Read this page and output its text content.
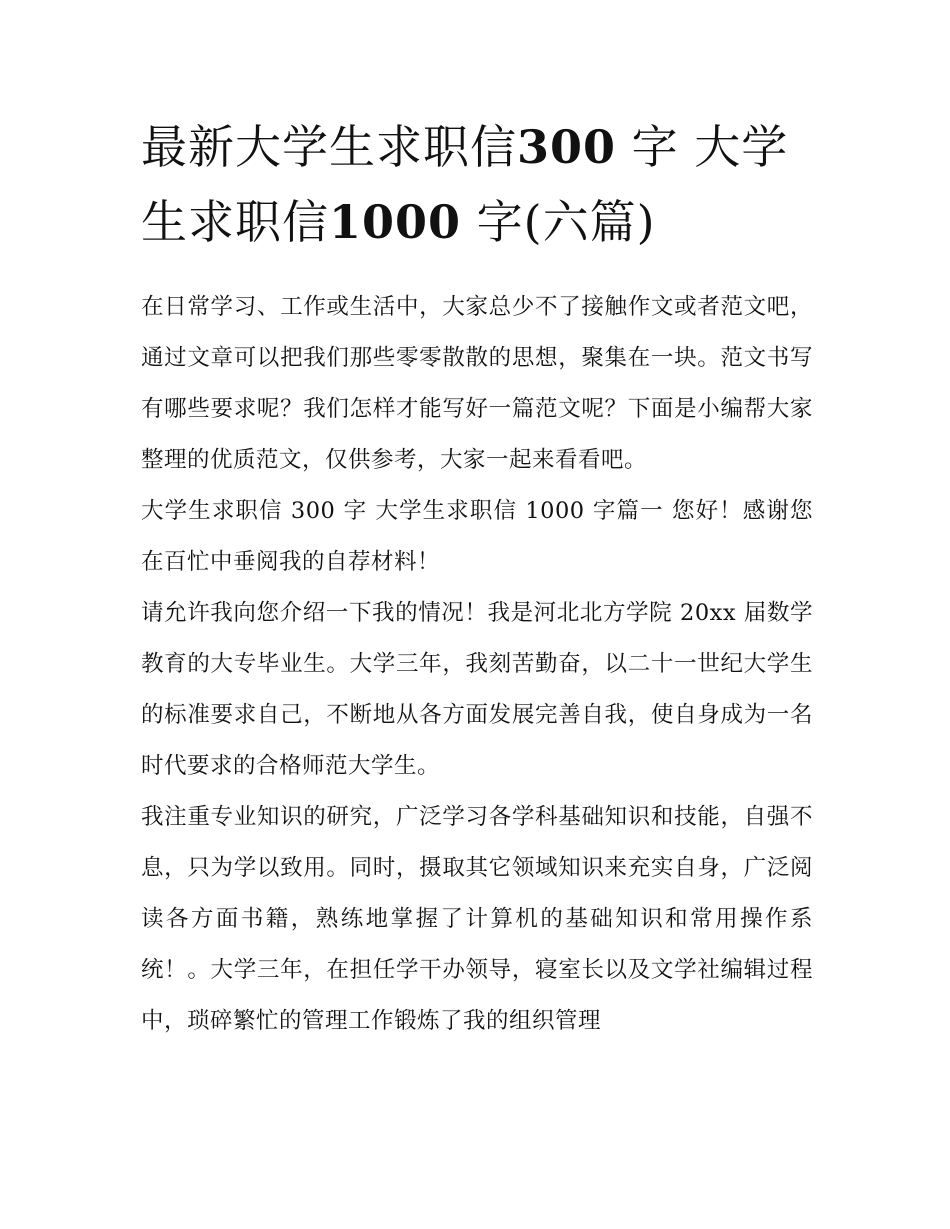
最新大学生求职信300 字 大学生求职信1000 字(六篇)

在日常学习、工作或生活中，大家总少不了接触作文或者范文吧，通过文章可以把我们那些零零散散的思想，聚集在一块。范文书写有哪些要求呢？我们怎样才能写好一篇范文呢？下面是小编帮大家整理的优质范文，仅供参考，大家一起来看看吧。

大学生求职信 300 字 大学生求职信 1000 字篇一 您好！感谢您在百忙中垂阅我的自荐材料！

请允许我向您介绍一下我的情况！我是河北北方学院 20xx 届数学教育的大专毕业生。大学三年，我刻苦勤奋，以二十一世纪大学生的标准要求自己，不断地从各方面发展完善自我，使自身成为一名时代要求的合格师范大学生。

我注重专业知识的研究，广泛学习各学科基础知识和技能，自强不息，只为学以致用。同时，摄取其它领域知识来充实自身，广泛阅读各方面书籍，熟练地掌握了计算机的基础知识和常用操作系统！。大学三年，在担任学干办领导，寝室长以及文学社编辑过程中，琐碎繁忙的管理工作锻炼了我的组织管理
